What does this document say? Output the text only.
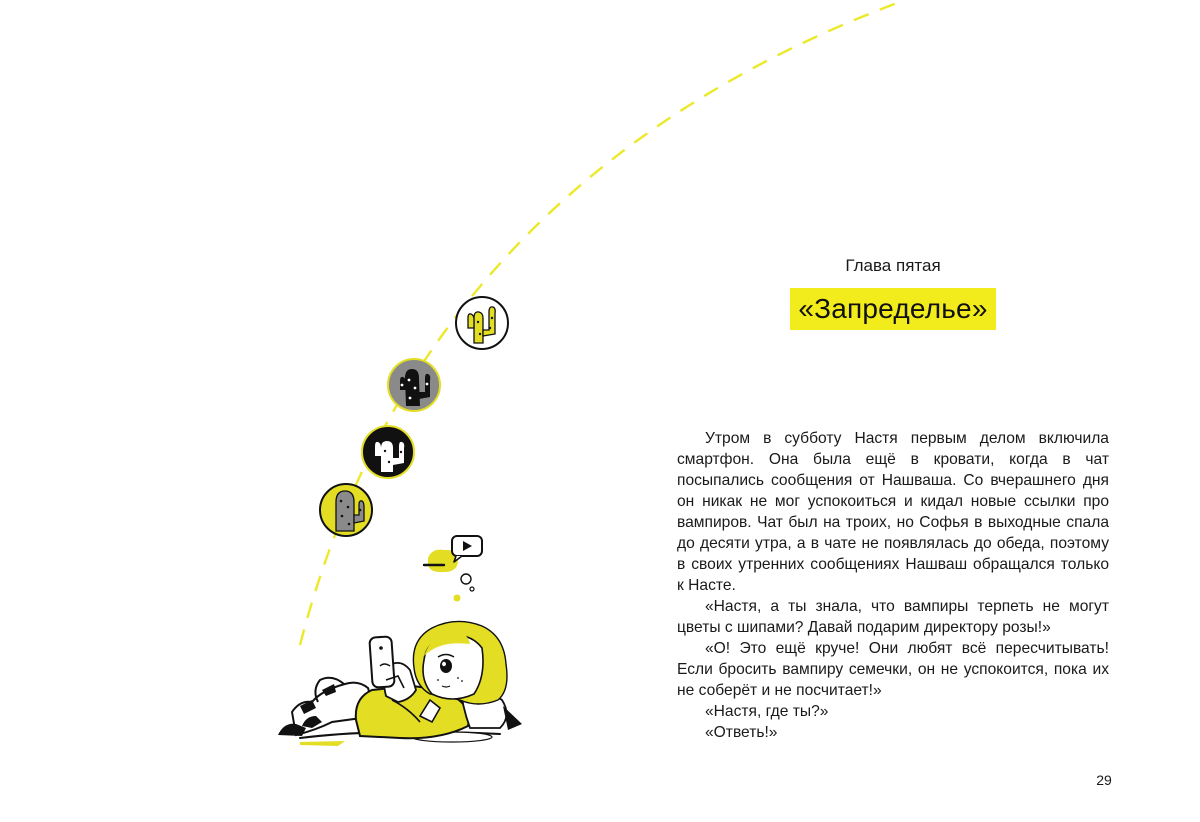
Глава пятая
«Запределье»

Утром в субботу Настя первым делом включила смартфон. Она была ещё в кровати, когда в чат посыпались сообщения от Нашваша. Со вчерашнего дня он никак не мог успокоиться и кидал новые ссылки про вампиров. Чат был на троих, но Софья в выходные спала до десяти утра, а в чате не появлялась до обеда, поэтому в своих утренних сообщениях Нашваш обращался только к Насте.

«Настя, а ты знала, что вампиры терпеть не могут цветы с шипами? Давай подарим директору розы!»

«О! Это ещё круче! Они любят всё пересчитывать! Если бросить вампиру семечки, он не успокоится, пока их не соберёт и не посчитает!»

«Настя, где ты?»

«Ответь!»

29
